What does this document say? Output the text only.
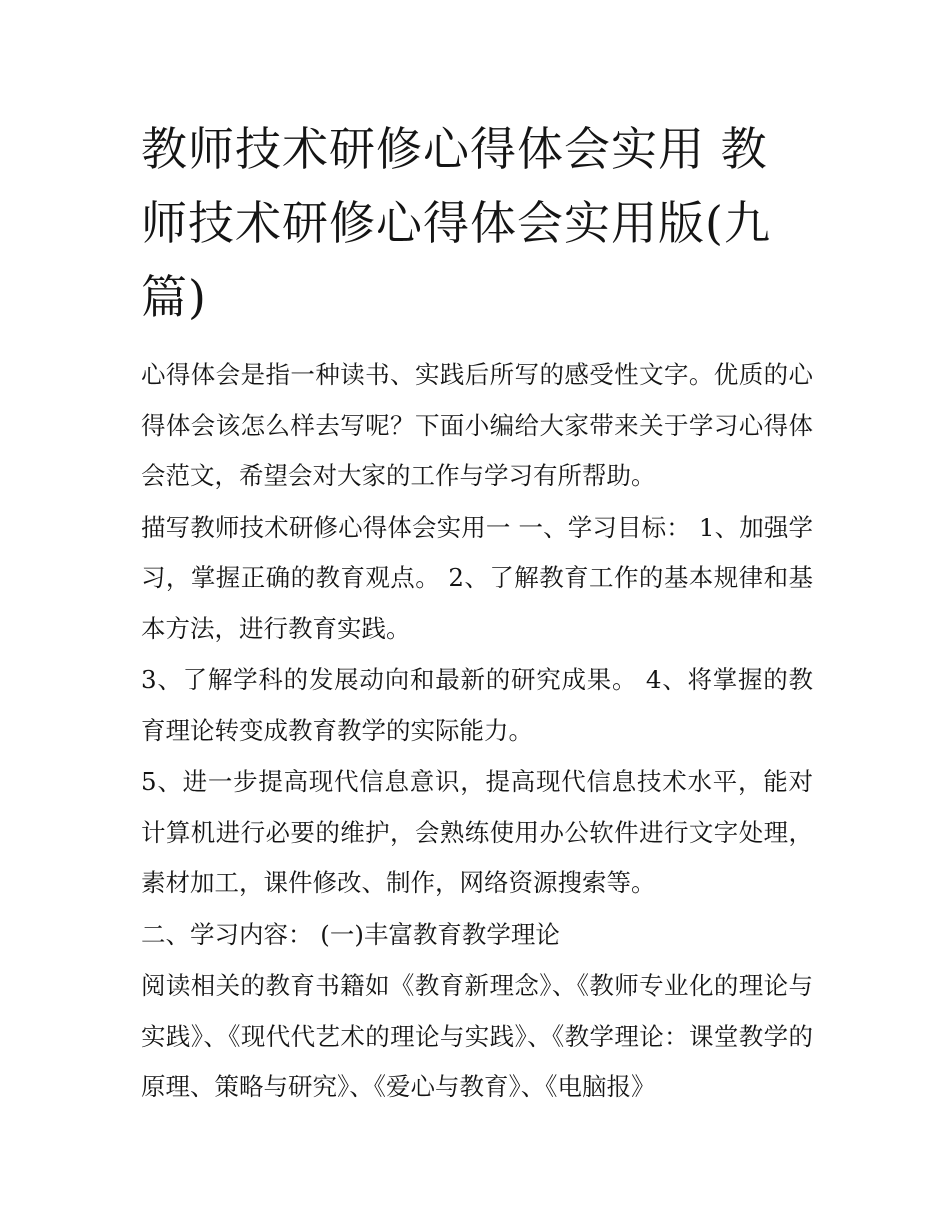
教师技术研修心得体会实用 教师技术研修心得体会实用版(九篇)

心得体会是指一种读书、实践后所写的感受性文字。优质的心得体会该怎么样去写呢？下面小编给大家带来关于学习心得体会范文，希望会对大家的工作与学习有所帮助。

描写教师技术研修心得体会实用一 一、学习目标： 1、加强学习，掌握正确的教育观点。 2、了解教育工作的基本规律和基本方法，进行教育实践。

3、了解学科的发展动向和最新的研究成果。 4、将掌握的教育理论转变成教育教学的实际能力。

5、进一步提高现代信息意识，提高现代信息技术水平，能对计算机进行必要的维护，会熟练使用办公软件进行文字处理，素材加工，课件修改、制作，网络资源搜索等。

二、学习内容： (一)丰富教育教学理论

阅读相关的教育书籍如《教育新理念》、《教师专业化的理论与实践》、《现代代艺术的理论与实践》、《教学理论：课堂教学的原理、策略与研究》、《爱心与教育》、《电脑报》
